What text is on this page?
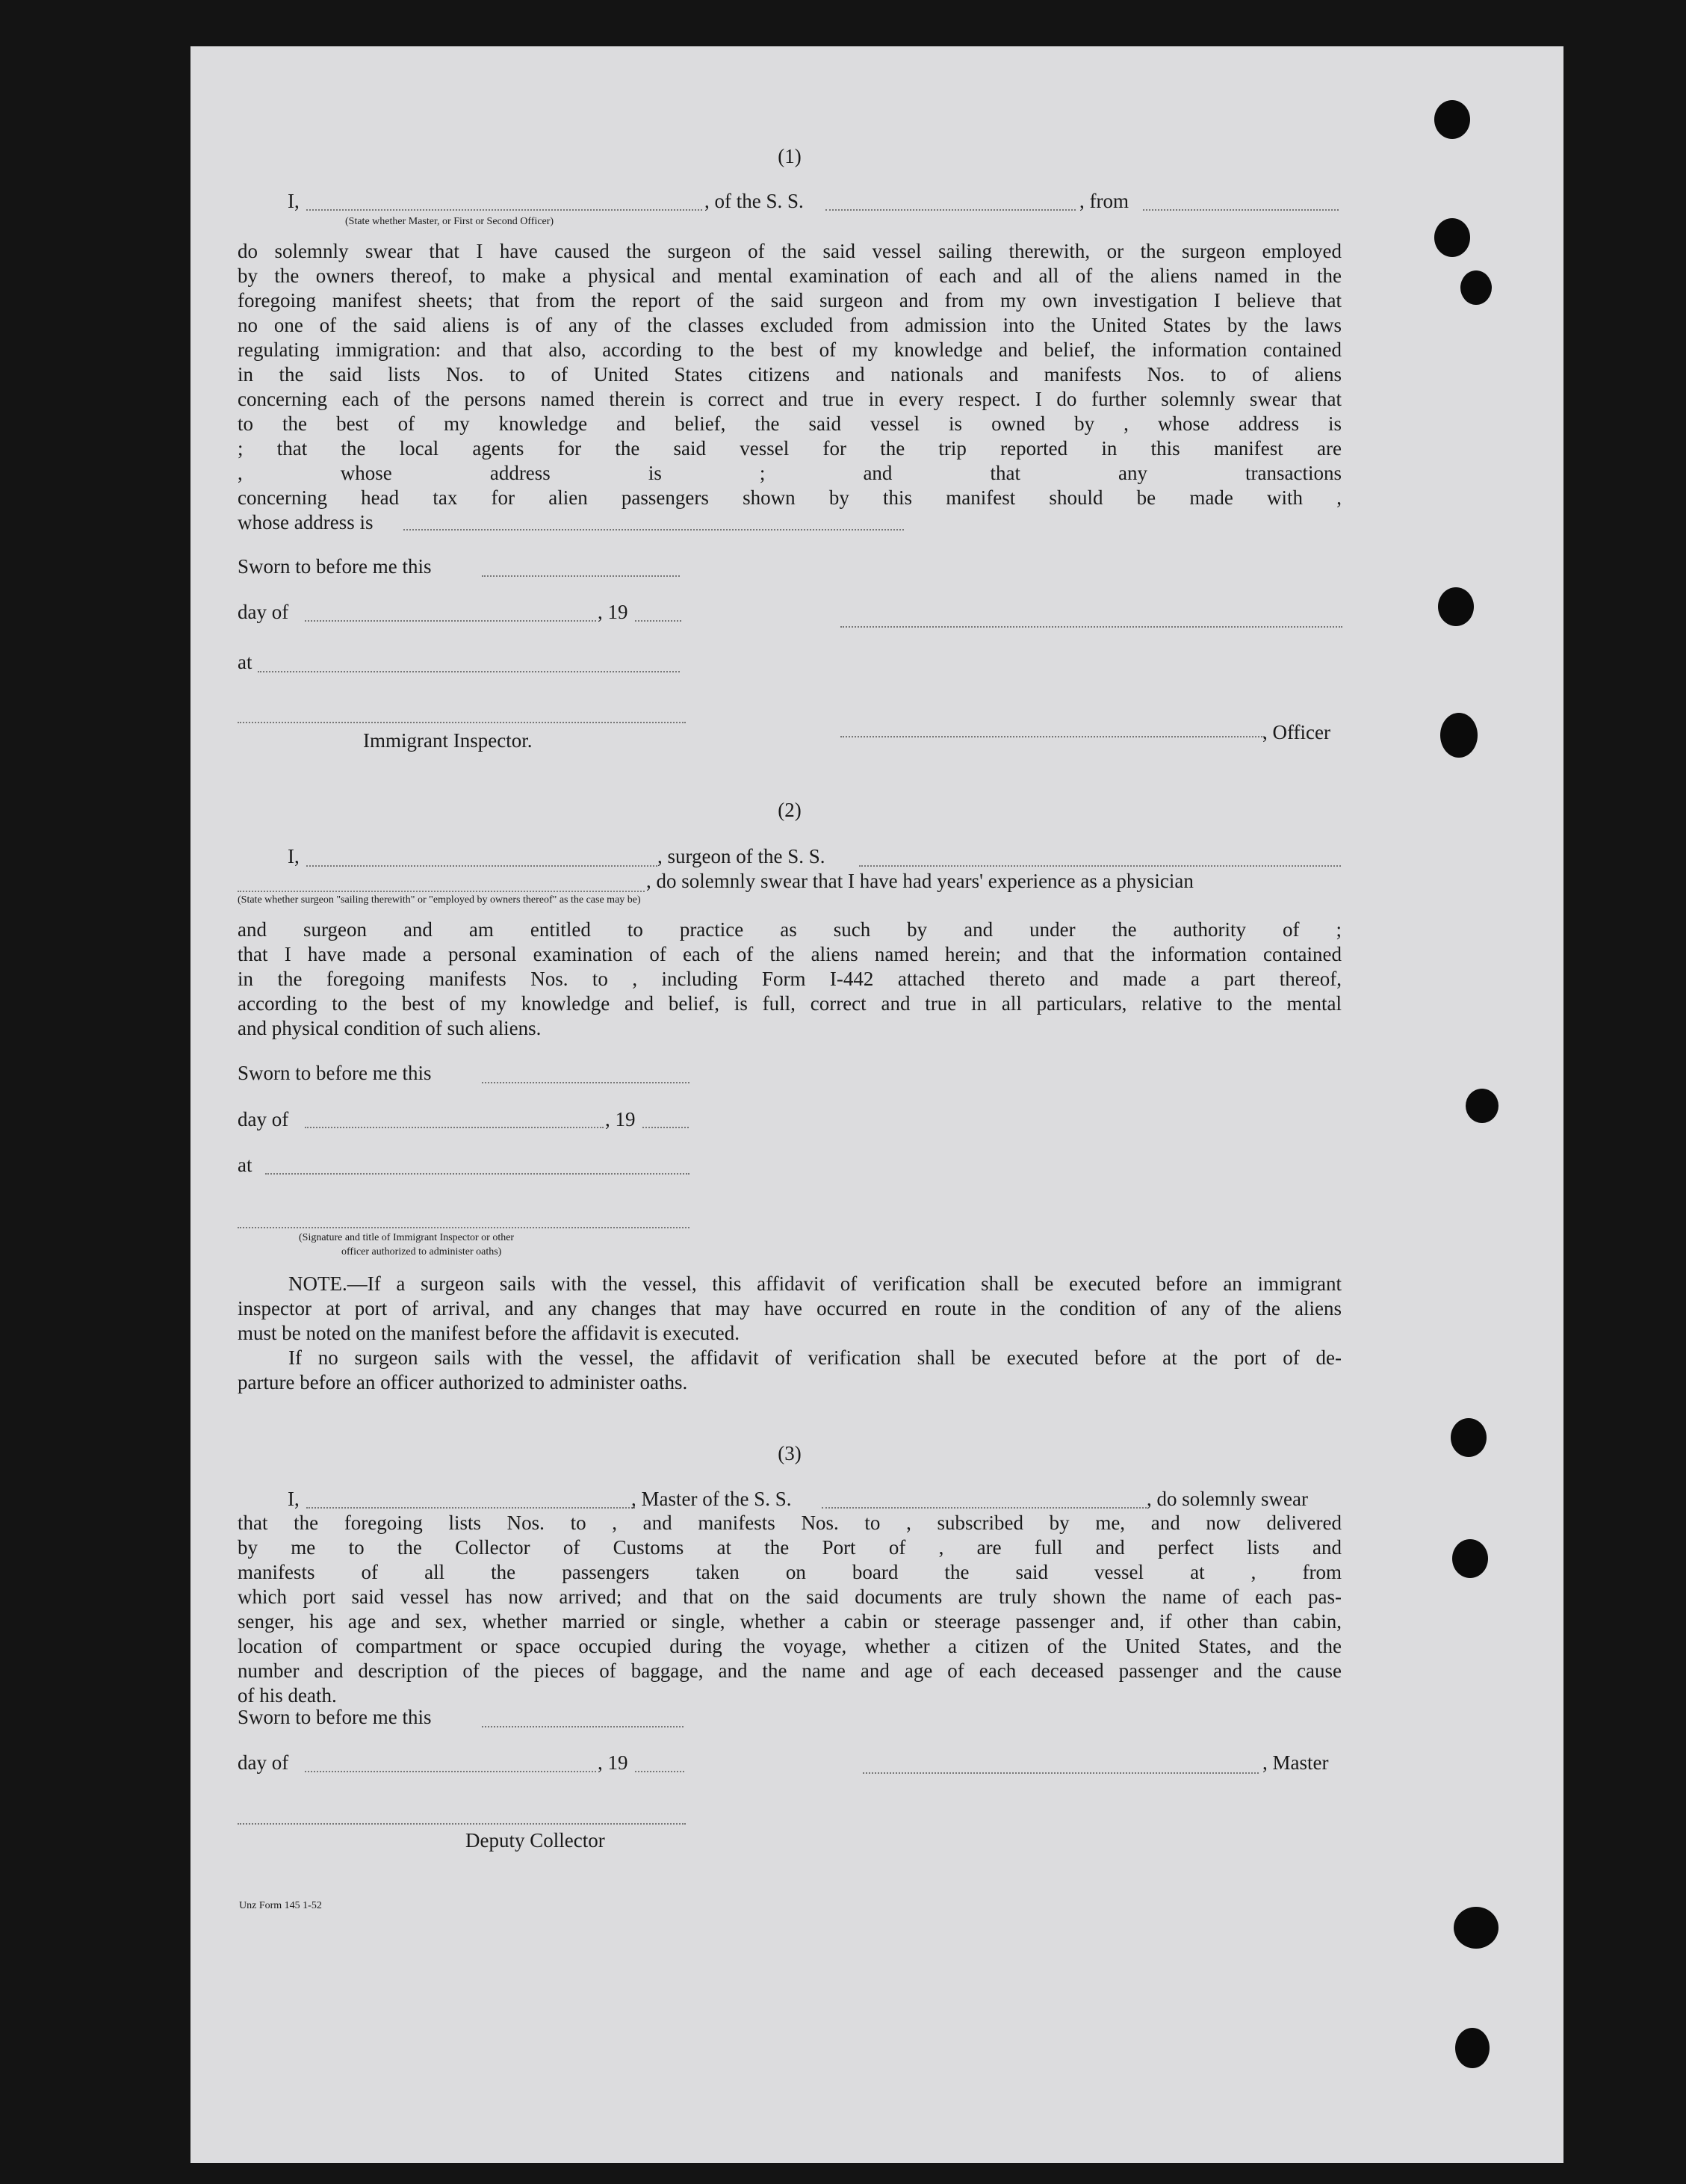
(1)
I,
(State whether Master, or First or Second Officer)
, of the S. S.	, from

do solemnly swear that I have caused the surgeon of the said vessel sailing therewith, or the surgeon employed

by the owners thereof, to make a physical and mental examination of each and all of the aliens named in the

foregoing manifest sheets; that from the report of the said surgeon and from my own investigation I believe that

no one of the said aliens is of any of the classes excluded from admission into the United States by the laws

regulating immigration: and that also, according to the best of my knowledge and belief, the information contained

in the said lists Nos. to of United States citizens and nationals and manifests Nos. to of aliens

concerning each of the persons named therein is correct and true in every respect. I do further solemnly swear that

to the best of my knowledge and belief, the said vessel is owned by , whose address is

; that the local agents for the said vessel for the trip reported in this manifest are

, whose address is ; and that any transactions

concerning head tax for alien passengers shown by this manifest should be made with ,

whose address is

Sworn to before me this
day of	, 19
at
Immigrant Inspector.	, Officer
(2)
I,	, surgeon of the S. S.
, do solemnly swear that I have had years' experience as a physician
(State whether surgeon "sailing therewith" or "employed by owners thereof" as the case may be)

and surgeon and am entitled to practice as such by and under the authority of ;

that I have made a personal examination of each of the aliens named herein; and that the information contained

in the foregoing manifests Nos. to , including Form I-442 attached thereto and made a part thereof,

according to the best of my knowledge and belief, is full, correct and true in all particulars, relative to the mental

and physical condition of such aliens.

Sworn to before me this
day of	, 19
at
(Signature and title of Immigrant Inspector or other
officer authorized to administer oaths)

NOTE.—If a surgeon sails with the vessel, this affidavit of verification shall be executed before an immigrant

inspector at port of arrival, and any changes that may have occurred en route in the condition of any of the aliens

must be noted on the manifest before the affidavit is executed.

If no surgeon sails with the vessel, the affidavit of verification shall be executed before at the port of de-

parture before an officer authorized to administer oaths.

(3)
I,	, Master of the S. S.	, do solemnly swear

that the foregoing lists Nos. to , and manifests Nos. to , subscribed by me, and now delivered

by me to the Collector of Customs at the Port of , are full and perfect lists and

manifests of all the passengers taken on board the said vessel at , from

which port said vessel has now arrived; and that on the said documents are truly shown the name of each pas-

senger, his age and sex, whether married or single, whether a cabin or steerage passenger and, if other than cabin,

location of compartment or space occupied during the voyage, whether a citizen of the United States, and the

number and description of the pieces of baggage, and the name and age of each deceased passenger and the cause

of his death.

Sworn to before me this
day of	, 19	, Master
Deputy Collector
Unz Form 145 1-52
